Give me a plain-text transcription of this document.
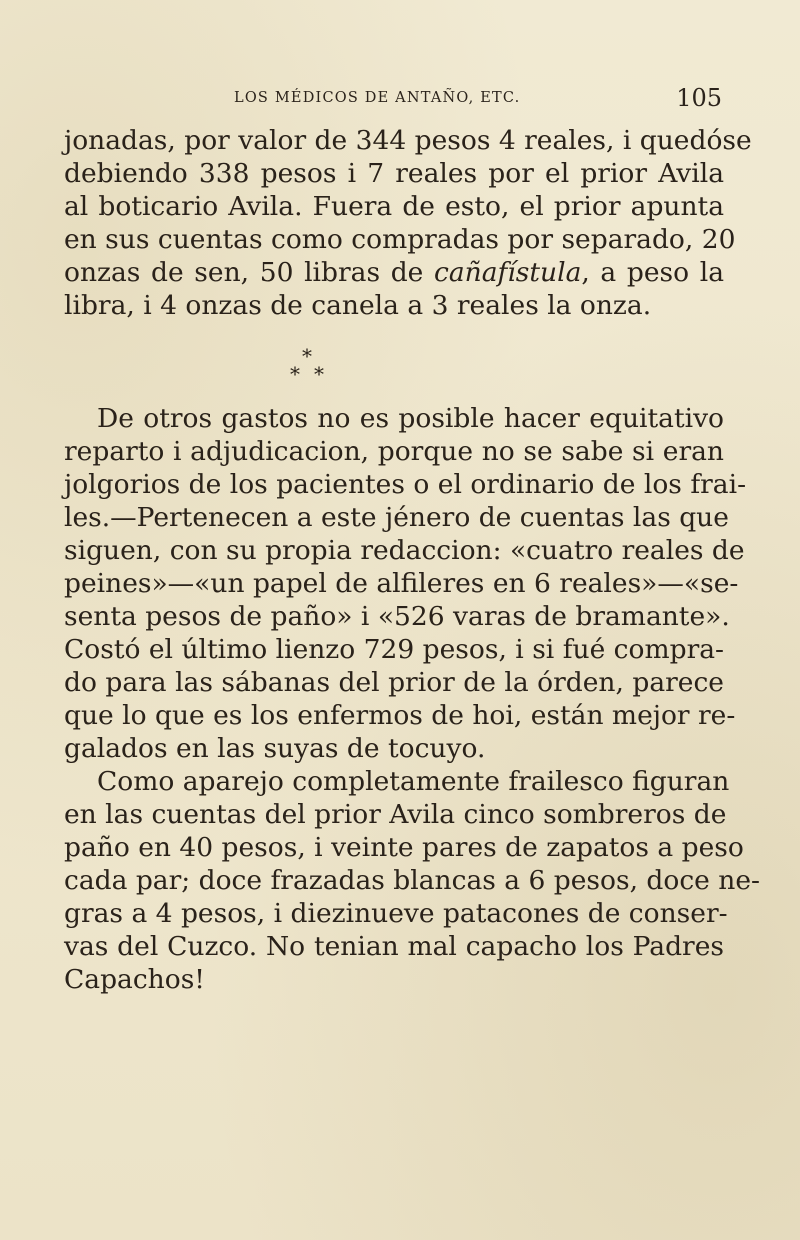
LOS MÉDICOS DE ANTAÑO, ETC.	105
jonadas, por valor de 344 pesos 4 reales, i quedóse
debiendo 338 pesos i 7 reales por el prior Avila
al boticario Avila. Fuera de esto, el prior apunta
en sus cuentas como compradas por separado, 20
onzas de sen, 50 libras de cañafístula, a peso la
libra, i 4 onzas de canela a 3 reales la onza.
*
* *
De otros gastos no es posible hacer equitativo
reparto i adjudicacion, porque no se sabe si eran
jolgorios de los pacientes o el ordinario de los frai-
les.—Pertenecen a este jénero de cuentas las que
siguen, con su propia redaccion: «cuatro reales de
peines»—«un papel de alfileres en 6 reales»—«se-
senta pesos de paño» i «526 varas de bramante».
Costó el último lienzo 729 pesos, i si fué compra-
do para las sábanas del prior de la órden, parece
que lo que es los enfermos de hoi, están mejor re-
galados en las suyas de tocuyo.
Como aparejo completamente frailesco figuran
en las cuentas del prior Avila cinco sombreros de
paño en 40 pesos, i veinte pares de zapatos a peso
cada par; doce frazadas blancas a 6 pesos, doce ne-
gras a 4 pesos, i diezinueve patacones de conser-
vas del Cuzco. No tenian mal capacho los Padres
Capachos!
